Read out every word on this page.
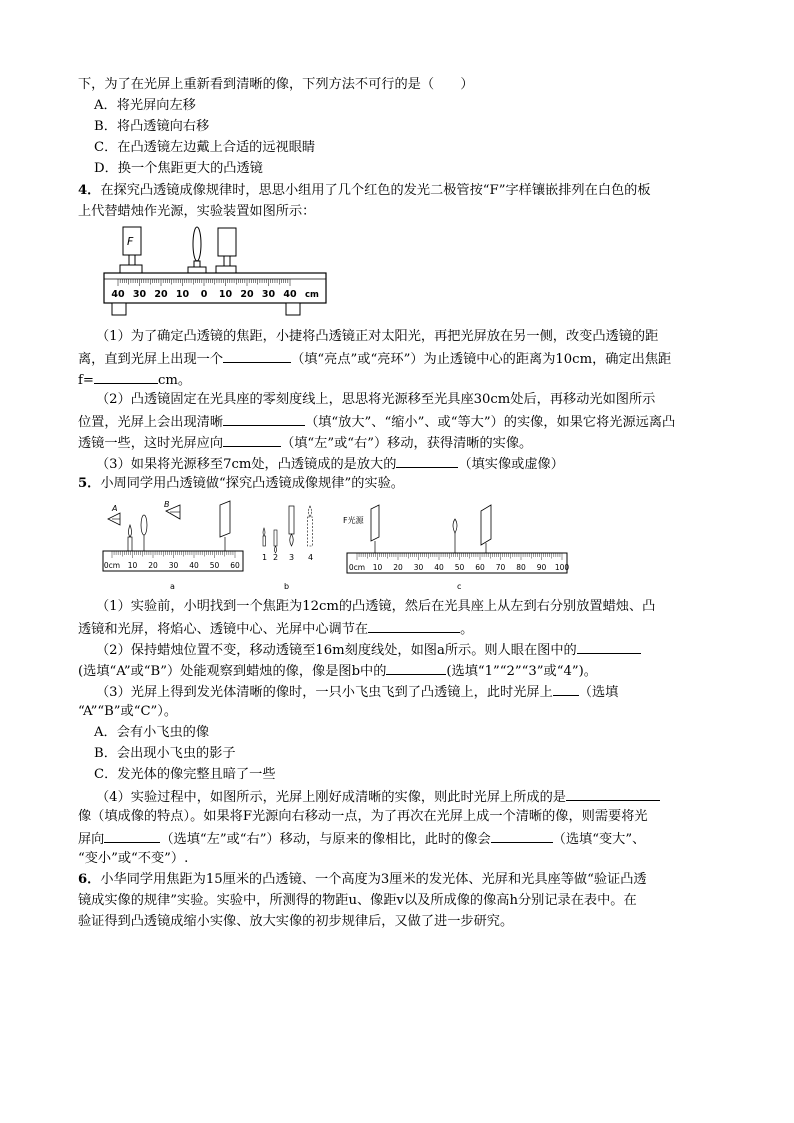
下，为了在光屏上重新看到清晰的像，下列方法不可行的是（　　）
A．将光屏向左移
B．将凸透镜向右移
C．在凸透镜左边戴上合适的远视眼睛
D．换一个焦距更大的凸透镜
4．在探究凸透镜成像规律时，思思小组用了几个红色的发光二极管按“F”字样镶嵌排列在白色的板
上代替蜡烛作光源，实验装置如图所示：
F
40 30 20 10 0 10 20 30 40 cm
（1）为了确定凸透镜的焦距，小捷将凸透镜正对太阳光，再把光屏放在另一侧，改变凸透镜的距
离，直到光屏上出现一个	（填“亮点”或“亮环”）为止透镜中心的距离为10cm，确定出焦距
f=	cm。
（2）凸透镜固定在光具座的零刻度线上，思思将光源移至光具座30cm处后，再移动光如图所示
位置，光屏上会出现清晰	（填“放大”、“缩小”、或“等大”）的实像，如果它将光源远离凸
透镜一些，这时光屏应向	（填“左”或“右”）移动，获得清晰的实像。
（3）如果将光源移至7cm处，凸透镜成的是放大的	（填实像或虚像）
5．小周同学用凸透镜做“探究凸透镜成像规律”的实验。
A	B
0cm 10 20 30 40 50 60
a
1 2 3 4
b
F光源
0cm 10 20 30 40 50 60 70 80 90 100
c
（1）实验前，小明找到一个焦距为12cm的凸透镜，然后在光具座上从左到右分别放置蜡烛、凸
透镜和光屏，将焰心、透镜中心、光屏中心调节在	。
（2）保持蜡烛位置不变，移动透镜至16m刻度线处，如图a所示。则人眼在图中的
(选填“A”或“B”）处能观察到蜡烛的像，像是图b中的	(选填“1”“2”“3”或“4”)。
（3）光屏上得到发光体清晰的像时，一只小飞虫飞到了凸透镜上，此时光屏上 （选填
“A”“B”或“C”）。
A．会有小飞虫的像
B．会出现小飞虫的影子
C．发光体的像完整且暗了一些
（4）实验过程中，如图所示，光屏上刚好成清晰的实像，则此时光屏上所成的是
像（填成像的特点）。如果将F光源向右移动一点，为了再次在光屏上成一个清晰的像，则需要将光
屏向	（选填“左”或“右”）移动，与原来的像相比，此时的像会	（选填“变大”、
“变小”或“不变”）.
6．小华同学用焦距为15厘米的凸透镜、一个高度为3厘米的发光体、光屏和光具座等做“验证凸透
镜成实像的规律”实验。实验中，所测得的物距u、像距v以及所成像的像高h分别记录在表中。在
验证得到凸透镜成缩小实像、放大实像的初步规律后，又做了进一步研究。
